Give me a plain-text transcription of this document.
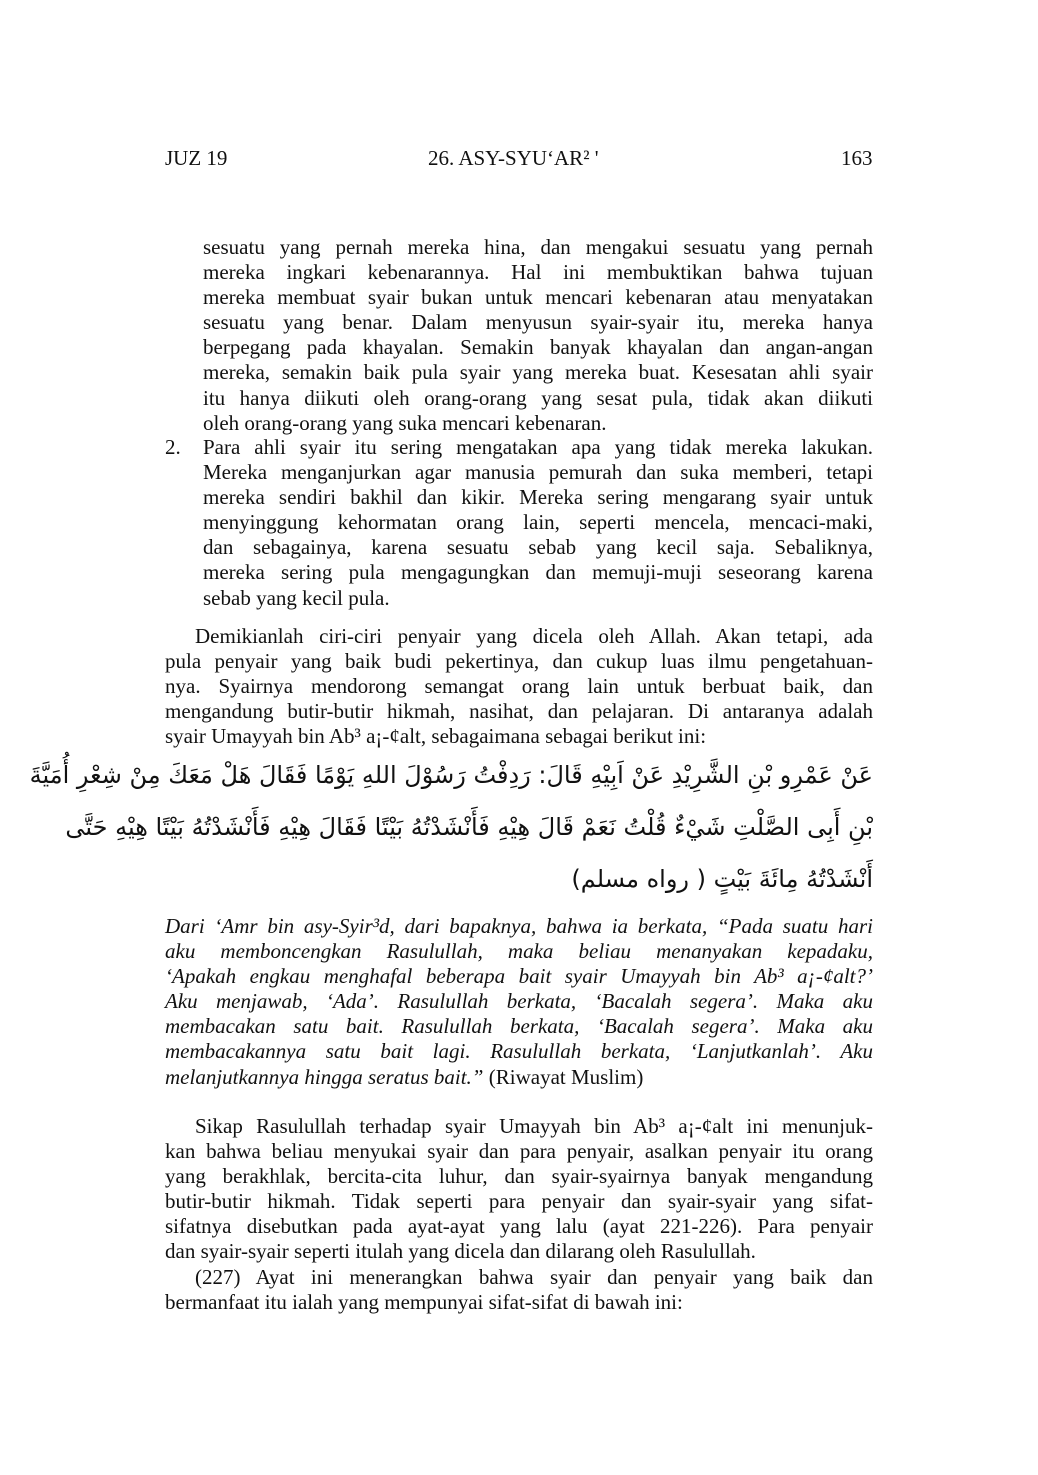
JUZ 19	26. ASY-SYU‘AR² '	163
sesuatu yang pernah mereka hina, dan mengakui sesuatu yang pernah
mereka ingkari kebenarannya. Hal ini membuktikan bahwa tujuan
mereka membuat syair bukan untuk mencari kebenaran atau menyatakan
sesuatu yang benar. Dalam menyusun syair-syair itu, mereka hanya
berpegang pada khayalan. Semakin banyak khayalan dan angan-angan
mereka, semakin baik pula syair yang mereka buat. Kesesatan ahli syair
itu hanya diikuti oleh orang-orang yang sesat pula, tidak akan diikuti
oleh orang-orang yang suka mencari kebenaran.
2. Para ahli syair itu sering mengatakan apa yang tidak mereka lakukan.
Mereka menganjurkan agar manusia pemurah dan suka memberi, tetapi
mereka sendiri bakhil dan kikir. Mereka sering mengarang syair untuk
menyinggung kehormatan orang lain, seperti mencela, mencaci-maki,
dan sebagainya, karena sesuatu sebab yang kecil saja. Sebaliknya,
mereka sering pula mengagungkan dan memuji-muji seseorang karena
sebab yang kecil pula.
Demikianlah ciri-ciri penyair yang dicela oleh Allah. Akan tetapi, ada
pula penyair yang baik budi pekertinya, dan cukup luas ilmu pengetahuan-
nya. Syairnya mendorong semangat orang lain untuk berbuat baik, dan
mengandung butir-butir hikmah, nasihat, dan pelajaran. Di antaranya adalah
syair Umayyah bin Ab³ a¡-¢alt, sebagaimana sebagai berikut ini:
عَنْ عَمْرِو بْنِ الشَّرِيْدِ عَنْ اَبِيْهِ قَالَ: رَدِفْتُ رَسُوْلَ اللهِ يَوْمًا فَقَالَ هَلْ مَعَكَ مِنْ شِعْرِ أُمَيَّةَ
بْنِ أَبِى الصَّلْتِ شَيْءٌ قُلْتُ نَعَمْ قَالَ هِيْهِ فَأَنْشَدْتُهُ بَيْتًا فَقَالَ هِيْهِ فَأَنْشَدْتُهُ بَيْتًا هِيْهِ حَتَّى
أَنْشَدْتُهُ مِائَةَ بَيْتٍ ( رواه مسلم)
Dari ‘Amr bin asy-Syir³d, dari bapaknya, bahwa ia berkata, “Pada suatu hari
aku memboncengkan Rasulullah, maka beliau menanyakan kepadaku,
‘Apakah engkau menghafal beberapa bait syair Umayyah bin Ab³ a¡-¢alt?’
Aku menjawab, ‘Ada’. Rasulullah berkata, ‘Bacalah segera’. Maka aku
membacakan satu bait. Rasulullah berkata, ‘Bacalah segera’. Maka aku
membacakannya satu bait lagi. Rasulullah berkata, ‘Lanjutkanlah’. Aku
melanjutkannya hingga seratus bait.” (Riwayat Muslim)
Sikap Rasulullah terhadap syair Umayyah bin Ab³ a¡-¢alt ini menunjuk-
kan bahwa beliau menyukai syair dan para penyair, asalkan penyair itu orang
yang berakhlak, bercita-cita luhur, dan syair-syairnya banyak mengandung
butir-butir hikmah. Tidak seperti para penyair dan syair-syair yang sifat-
sifatnya disebutkan pada ayat-ayat yang lalu (ayat 221-226). Para penyair
dan syair-syair seperti itulah yang dicela dan dilarang oleh Rasulullah.
(227) Ayat ini menerangkan bahwa syair dan penyair yang baik dan
bermanfaat itu ialah yang mempunyai sifat-sifat di bawah ini:
